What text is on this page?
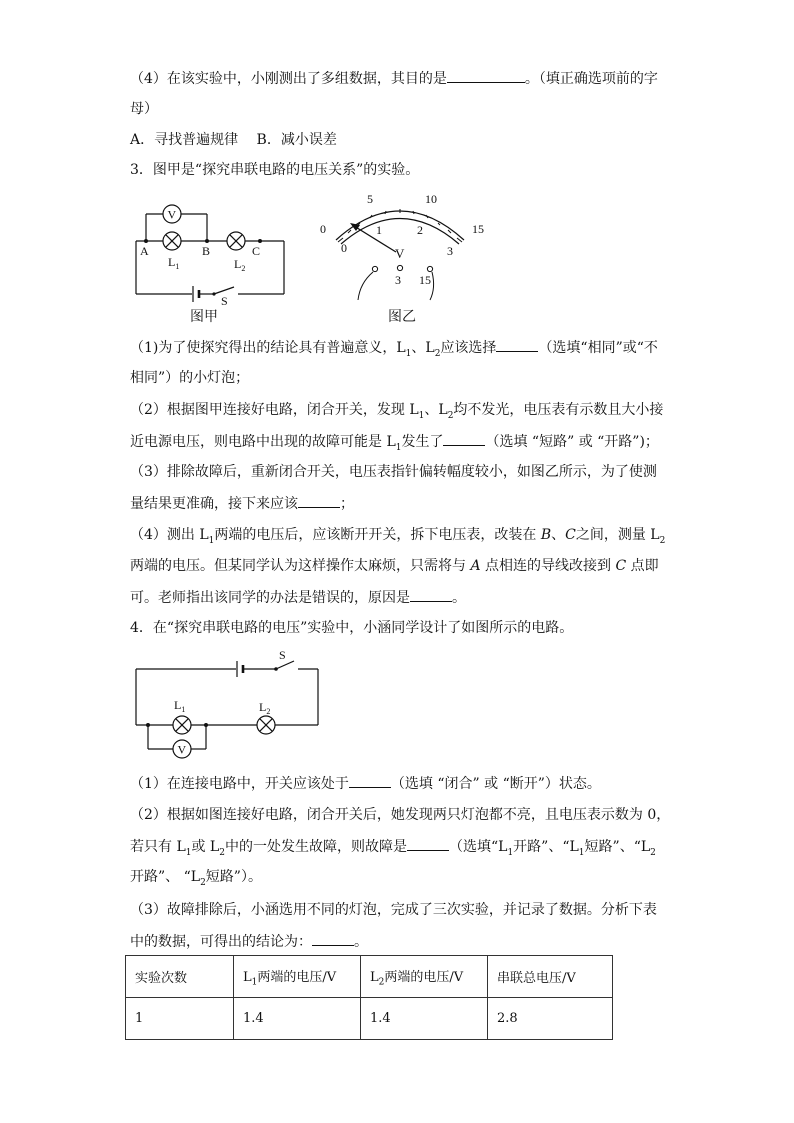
（4）在该实验中，小刚测出了多组数据，其目的是	。（填正确选项前的字
母）
A．寻找普遍规律　 B．减小误差
3．图甲是“探究串联电路的电压关系”的实验。
V
A	B	C
$L_1$	$L_2$
S
图甲
0
5	10
15
0
1	2
3
V
3 15
图乙
（1)为了使探究得出的结论具有普遍意义，$L_1$、$L_2$应该选择	（选填“相同”或“不
相同”）的小灯泡；
（2）根据图甲连接好电路，闭合开关，发现 $L_1$、$L_2$均不发光，电压表有示数且大小接
近电源电压，则电路中出现的故障可能是 $L_1$发生了	（选填 “短路” 或 “开路”)；
（3）排除故障后，重新闭合开关，电压表指针偏转幅度较小，如图乙所示，为了使测
量结果更准确，接下来应该	；
（4）测出 $L_1$两端的电压后，应该断开开关，拆下电压表，改装在 B、C之间，测量 $L_2$
两端的电压。但某同学认为这样操作太麻烦，只需将与 A 点相连的导线改接到 C 点即
可。老师指出该同学的办法是错误的，原因是	。
4．在“探究串联电路的电压”实验中，小涵同学设计了如图所示的电路。
S
$L_1$	$L_2$
V
（1）在连接电路中，开关应该处于	（选填 “闭合” 或 “断开”）状态。
（2）根据如图连接好电路，闭合开关后，她发现两只灯泡都不亮，且电压表示数为 0，
若只有 $L_1$或 $L_2$中的一处发生故障，则故障是	（选填“$L_1$开路”、“$L_1$短路”、“$L_2$
开路”、 “$L_2$短路”）。
（3）故障排除后，小涵选用不同的灯泡，完成了三次实验，并记录了数据。分析下表
中的数据，可得出的结论为：	。
实验次数	$L_1$两端的电压/V	$L_2$两端的电压/V	串联总电压/V
1	1.4	1.4	2.8
